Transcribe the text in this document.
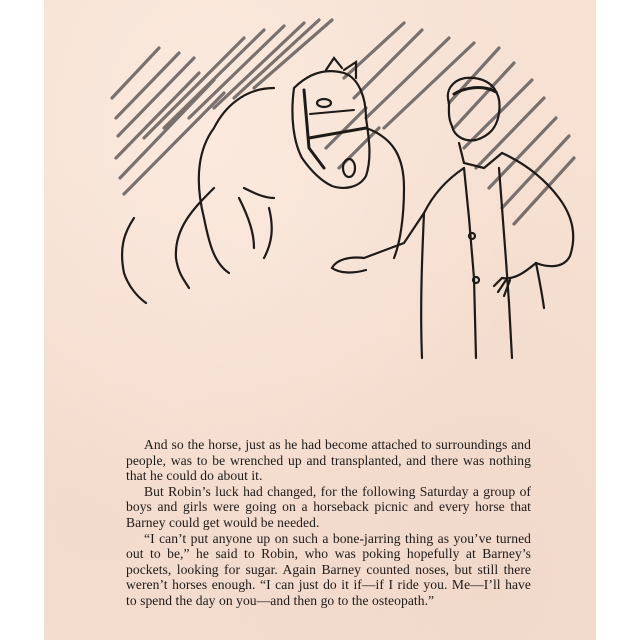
And so the horse, just as he had become attached to surroundings and people, was to be wrenched up and transplanted, and there was nothing that he could do about it.

But Robin’s luck had changed, for the following Saturday a group of boys and girls were going on a horseback picnic and every horse that Barney could get would be needed.

“I can’t put anyone up on such a bone-jarring thing as you’ve turned out to be,” he said to Robin, who was poking hopefully at Barney’s pockets, looking for sugar. Again Barney counted noses, but still there weren’t horses enough. “I can just do it if—if I ride you. Me—I’ll have to spend the day on you—and then go to the osteopath.”
